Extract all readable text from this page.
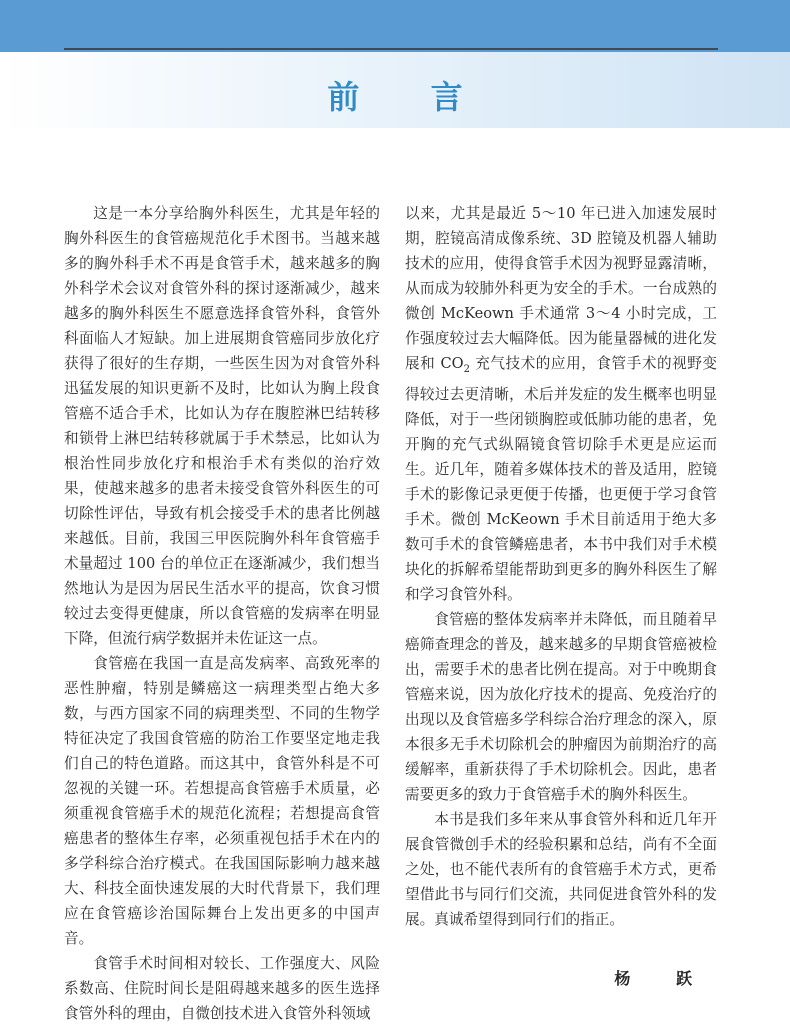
前 言

这是一本分享给胸外科医生，尤其是年轻的胸外科医生的食管癌规范化手术图书。当越来越多的胸外科手术不再是食管手术，越来越多的胸外科学术会议对食管外科的探讨逐渐减少，越来越多的胸外科医生不愿意选择食管外科，食管外科面临人才短缺。加上进展期食管癌同步放化疗获得了很好的生存期，一些医生因为对食管外科迅猛发展的知识更新不及时，比如认为胸上段食管癌不适合手术，比如认为存在腹腔淋巴结转移和锁骨上淋巴结转移就属于手术禁忌，比如认为根治性同步放化疗和根治手术有类似的治疗效果，使越来越多的患者未接受食管外科医生的可切除性评估，导致有机会接受手术的患者比例越来越低。目前，我国三甲医院胸外科年食管癌手术量超过 100 台的单位正在逐渐减少，我们想当然地认为是因为居民生活水平的提高，饮食习惯较过去变得更健康，所以食管癌的发病率在明显下降，但流行病学数据并未佐证这一点。

食管癌在我国一直是高发病率、高致死率的恶性肿瘤，特别是鳞癌这一病理类型占绝大多数，与西方国家不同的病理类型、不同的生物学特征决定了我国食管癌的防治工作要坚定地走我们自己的特色道路。而这其中，食管外科是不可忽视的关键一环。若想提高食管癌手术质量，必须重视食管癌手术的规范化流程；若想提高食管癌患者的整体生存率，必须重视包括手术在内的多学科综合治疗模式。在我国国际影响力越来越大、科技全面快速发展的大时代背景下，我们理应在食管癌诊治国际舞台上发出更多的中国声音。

食管手术时间相对较长、工作强度大、风险系数高、住院时间长是阻碍越来越多的医生选择食管外科的理由，自微创技术进入食管外科领域

以来，尤其是最近 5～10 年已进入加速发展时期，腔镜高清成像系统、3D 腔镜及机器人辅助技术的应用，使得食管手术因为视野显露清晰，从而成为较肺外科更为安全的手术。一台成熟的微创 McKeown 手术通常 3～4 小时完成，工作强度较过去大幅降低。因为能量器械的进化发展和 $CO_2$ 充气技术的应用，食管手术的视野变得较过去更清晰，术后并发症的发生概率也明显降低，对于一些闭锁胸腔或低肺功能的患者，免开胸的充气式纵隔镜食管切除手术更是应运而生。近几年，随着多媒体技术的普及适用，腔镜手术的影像记录更便于传播，也更便于学习食管手术。微创 McKeown 手术目前适用于绝大多数可手术的食管鳞癌患者，本书中我们对手术模块化的拆解希望能帮助到更多的胸外科医生了解和学习食管外科。

食管癌的整体发病率并未降低，而且随着早癌筛查理念的普及，越来越多的早期食管癌被检出，需要手术的患者比例在提高。对于中晚期食管癌来说，因为放化疗技术的提高、免疫治疗的出现以及食管癌多学科综合治疗理念的深入，原本很多无手术切除机会的肿瘤因为前期治疗的高缓解率，重新获得了手术切除机会。因此，患者需要更多的致力于食管癌手术的胸外科医生。

本书是我们多年来从事食管外科和近几年开展食管微创手术的经验积累和总结，尚有不全面之处，也不能代表所有的食管癌手术方式，更希望借此书与同行们交流，共同促进食管外科的发展。真诚希望得到同行们的指正。

杨 跃
